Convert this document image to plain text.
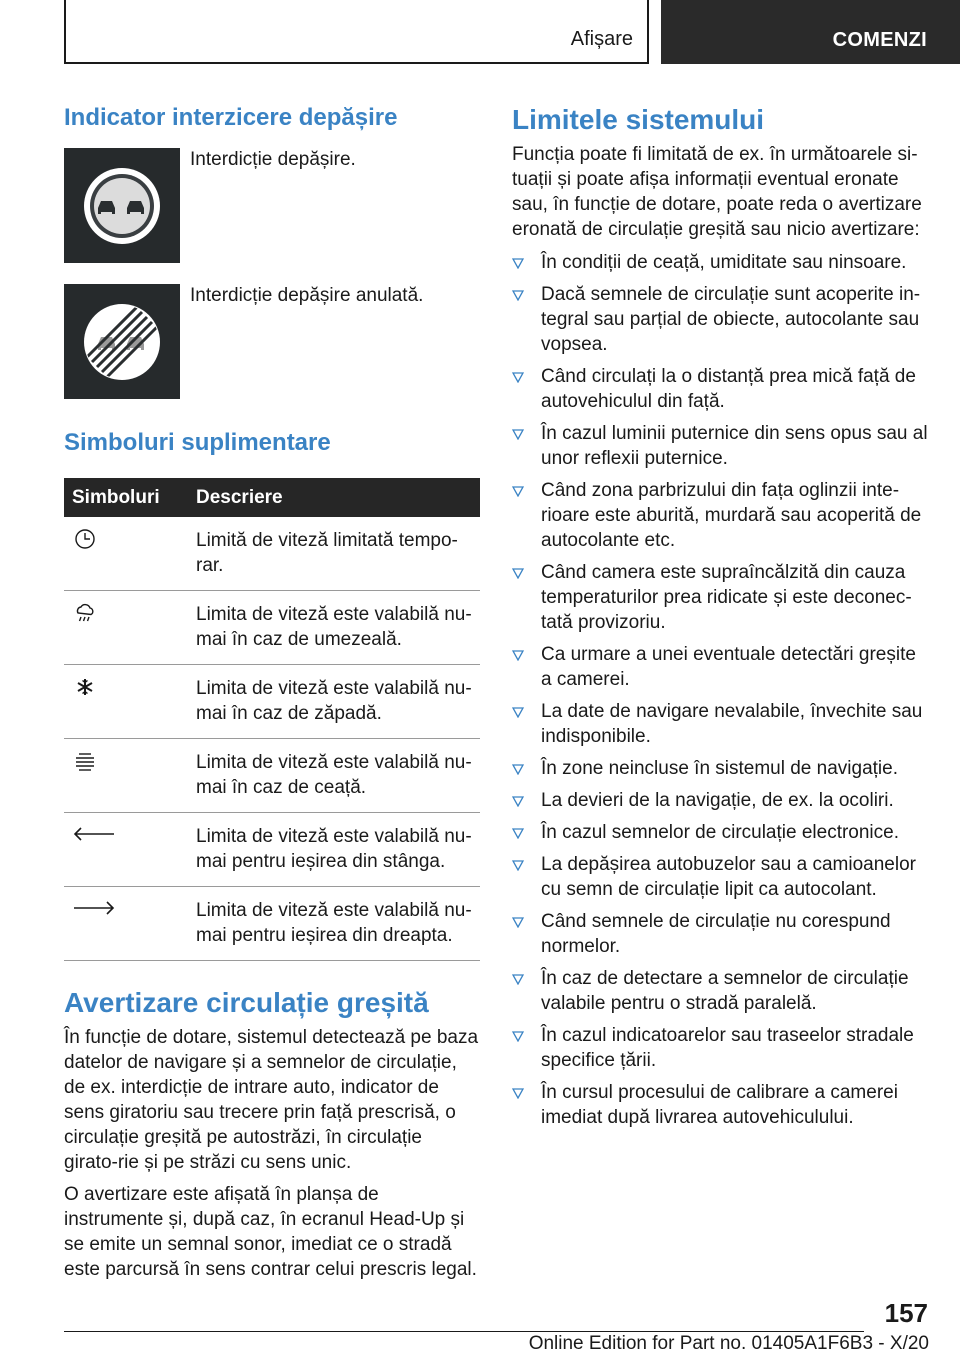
Afișare	COMENZI
Indicator interzicere depășire
Interdicție depășire.
Interdicție depășire anulată.
Simboluri suplimentare
Simboluri	Descriere
	Limită de viteză limitată tempo-rar.
	Limita de viteză este valabilă nu-mai în caz de umezeală.
	Limita de viteză este valabilă nu-mai în caz de zăpadă.
	Limita de viteză este valabilă nu-mai în caz de ceață.
	Limita de viteză este valabilă nu-mai pentru ieșirea din stânga.
	Limita de viteză este valabilă nu-mai pentru ieșirea din dreapta.
Avertizare circulație greșită

În funcție de dotare, sistemul detectează pe baza datelor de navigare și a semnelor de circulație, de ex. interdicție de intrare auto, indicator de sens giratoriu sau trecere prin față prescrisă, o circulație greșită pe autostrăzi, în circulație girato-rie și pe străzi cu sens unic.

O avertizare este afișată în planșa de instrumente și, după caz, în ecranul Head-Up și se emite un semnal sonor, imediat ce o stradă este parcursă în sens contrar celui prescris legal.

Limitele sistemului

Funcția poate fi limitată de ex. în următoarele si-tuații și poate afișa informații eventual eronate sau, în funcție de dotare, poate reda o avertizare eronată de circulație greșită sau nicio avertizare:

În condiții de ceață, umiditate sau ninsoare.
Dacă semnele de circulație sunt acoperite in-tegral sau parțial de obiecte, autocolante sau vopsea.
Când circulați la o distanță prea mică față de autovehiculul din față.
În cazul luminii puternice din sens opus sau al unor reflexii puternice.
Când zona parbrizului din fața oglinzii inte-rioare este aburită, murdară sau acoperită de autocolante etc.
Când camera este supraîncălzită din cauza temperaturilor prea ridicate și este deconec-tată provizoriu.
Ca urmare a unei eventuale detectări greșite a camerei.
La date de navigare nevalabile, învechite sau indisponibile.
În zone neincluse în sistemul de navigație.
La devieri de la navigație, de ex. la ocoliri.
În cazul semnelor de circulație electronice.
La depășirea autobuzelor sau a camioanelor cu semn de circulație lipit ca autocolant.
Când semnele de circulație nu corespund normelor.
În caz de detectare a semnelor de circulație valabile pentru o stradă paralelă.
În cazul indicatoarelor sau traseelor stradale specifice țării.
În cursul procesului de calibrare a camerei imediat după livrarea autovehiculului.
157
Online Edition for Part no. 01405A1F6B3 - X/20
